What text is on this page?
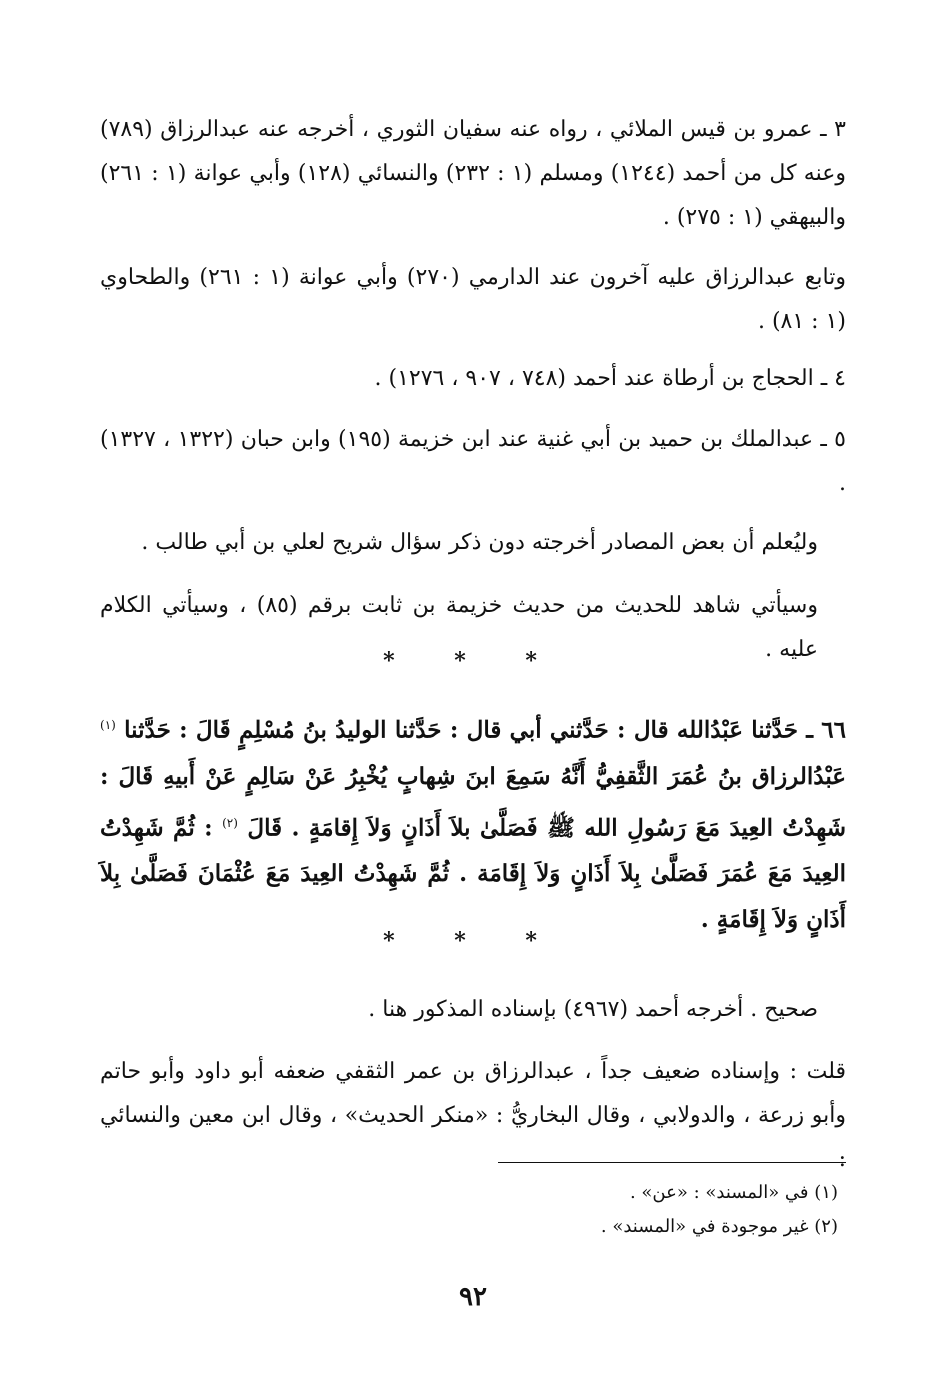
٣ ـ عمرو بن قيس الملائي ، رواه عنه سفيان الثوري ، أخرجه عنه عبدالرزاق (٧٨٩) وعنه كل من أحمد (١٢٤٤) ومسلم (١ : ٢٣٢) والنسائي (١٢٨) وأبي عوانة (١ : ٢٦١) والبيهقي (١ : ٢٧٥) .

وتابع عبدالرزاق عليه آخرون عند الدارمي (٢٧٠) وأبي عوانة (١ : ٢٦١) والطحاوي (١ : ٨١) .

٤ ـ الحجاج بن أرطاة عند أحمد (٧٤٨ ، ٩٠٧ ، ١٢٧٦) .

٥ ـ عبدالملك بن حميد بن أبي غنية عند ابن خزيمة (١٩٥) وابن حبان (١٣٢٢ ، ١٣٢٧) .

وليُعلم أن بعض المصادر أخرجته دون ذكر سؤال شريح لعلي بن أبي طالب .

وسيأتي شاهد للحديث من حديث خزيمة بن ثابت برقم (٨٥) ، وسيأتي الكلام عليه .

* * *

٦٦ ـ حَدَّثنا عَبْدُالله قال : حَدَّثني أبي قال : حَدَّثنا الوليدُ بنُ مُسْلِمٍ قَالَ : حَدَّثنا $^{(١)}$ عَبْدُالرزاق بنُ عُمَرَ الثَّقفِيُّ أَنَّهُ سَمِعَ ابنَ شِهابٍ يُخْبِرُ عَنْ سَالِمٍ عَنْ أَبيهِ قَالَ : شَهِدْتُ العِيدَ مَعَ رَسُولِ الله ﷺ فَصَلَّىٰ بلاَ أَذَانٍ وَلاَ إِقامَةٍ . قَالَ $^{(٢)}$ : ثُمَّ شَهِدْتُ العِيدَ مَعَ عُمَرَ فَصَلَّىٰ بِلاَ أَذَانٍ وَلاَ إِقَامَة . ثُمَّ شَهِدْتُ العِيدَ مَعَ عُثْمَانَ فَصَلَّىٰ بِلاَ أَذَانٍ وَلاَ إِقَامَةٍ .

* * *

صحيح . أخرجه أحمد (٤٩٦٧) بإسناده المذكور هنا .

قلت : وإسناده ضعيف جداً ، عبدالرزاق بن عمر الثقفي ضعفه أبو داود وأبو حاتم وأبو زرعة ، والدولابي ، وقال البخاريُّ : «منكر الحديث» ، وقال ابن معين والنسائي :

(١) في «المسند» : «عن» .
(٢) غير موجودة في «المسند» .
٩٢
